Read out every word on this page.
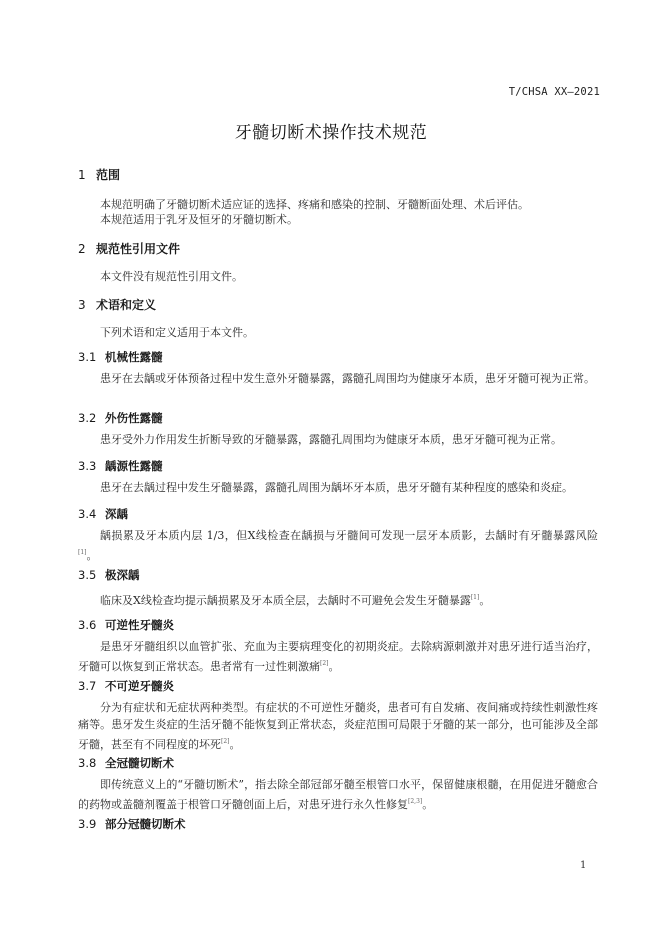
T/CHSA XX—2021
牙髓切断术操作技术规范
1 范围
本规范明确了牙髓切断术适应证的选择、疼痛和感染的控制、牙髓断面处理、术后评估。
本规范适用于乳牙及恒牙的牙髓切断术。
2 规范性引用文件
本文件没有规范性引用文件。
3 术语和定义
下列术语和定义适用于本文件。
3.1 机械性露髓
患牙在去龋或牙体预备过程中发生意外牙髓暴露，露髓孔周围均为健康牙本质，患牙牙髓可视为正常。
3.2 外伤性露髓
患牙受外力作用发生折断导致的牙髓暴露，露髓孔周围均为健康牙本质，患牙牙髓可视为正常。
3.3 龋源性露髓
患牙在去龋过程中发生牙髓暴露，露髓孔周围为龋坏牙本质，患牙牙髓有某种程度的感染和炎症。
3.4 深龋
龋损累及牙本质内层 1/3，但X线检查在龋损与牙髓间可发现一层牙本质影，去龋时有牙髓暴露风险[1]。
3.5 极深龋
临床及X线检查均提示龋损累及牙本质全层，去龋时不可避免会发生牙髓暴露[1]。
3.6 可逆性牙髓炎
是患牙牙髓组织以血管扩张、充血为主要病理变化的初期炎症。去除病源刺激并对患牙进行适当治疗，牙髓可以恢复到正常状态。患者常有一过性刺激痛[2]。
3.7 不可逆牙髓炎
分为有症状和无症状两种类型。有症状的不可逆性牙髓炎，患者可有自发痛、夜间痛或持续性刺激性疼痛等。患牙发生炎症的生活牙髓不能恢复到正常状态，炎症范围可局限于牙髓的某一部分，也可能涉及全部牙髓，甚至有不同程度的坏死[2]。
3.8 全冠髓切断术
即传统意义上的“牙髓切断术”，指去除全部冠部牙髓至根管口水平，保留健康根髓，在用促进牙髓愈合的药物或盖髓剂覆盖于根管口牙髓创面上后，对患牙进行永久性修复[2,3]。
3.9 部分冠髓切断术
1
